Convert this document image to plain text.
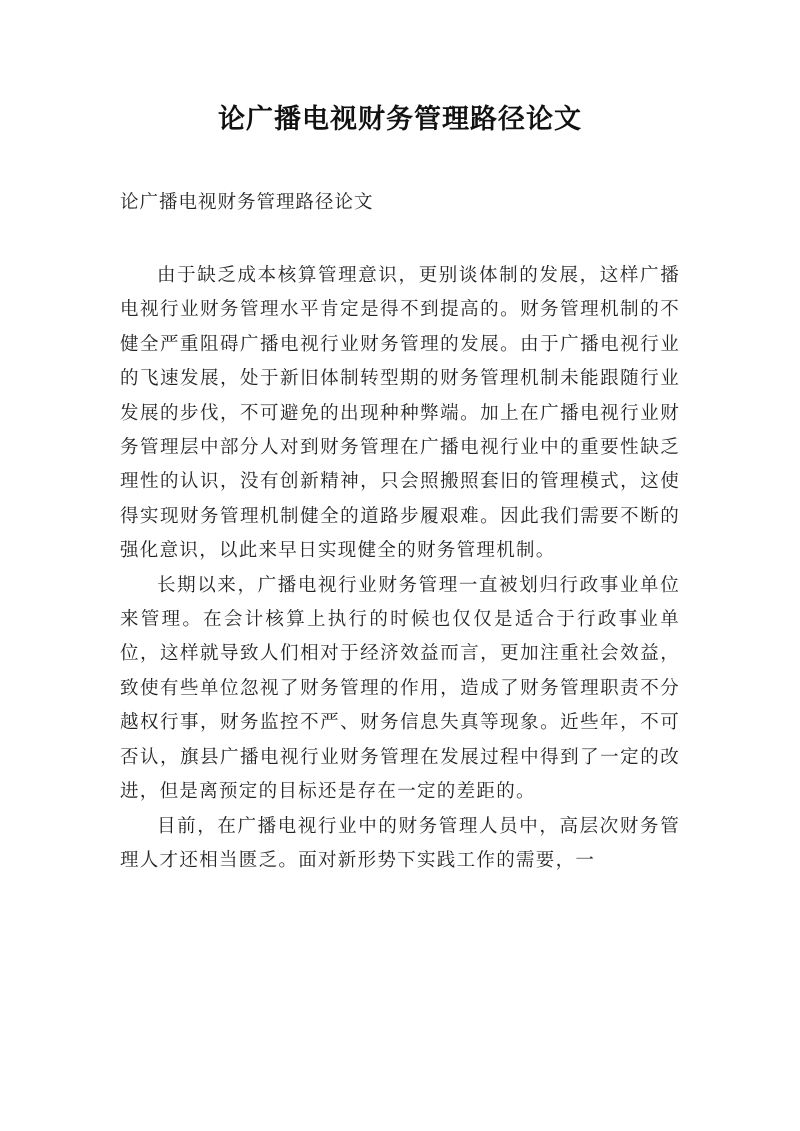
论广播电视财务管理路径论文
论广播电视财务管理路径论文

由于缺乏成本核算管理意识，更别谈体制的发展，这样广播电视行业财务管理水平肯定是得不到提高的。财务管理机制的不健全严重阻碍广播电视行业财务管理的发展。由于广播电视行业的飞速发展，处于新旧体制转型期的财务管理机制未能跟随行业发展的步伐，不可避免的出现种种弊端。加上在广播电视行业财务管理层中部分人对到财务管理在广播电视行业中的重要性缺乏理性的认识，没有创新精神，只会照搬照套旧的管理模式，这使得实现财务管理机制健全的道路步履艰难。因此我们需要不断的强化意识，以此来早日实现健全的财务管理机制。

长期以来，广播电视行业财务管理一直被划归行政事业单位来管理。在会计核算上执行的时候也仅仅是适合于行政事业单位，这样就导致人们相对于经济效益而言，更加注重社会效益，致使有些单位忽视了财务管理的作用，造成了财务管理职责不分越权行事，财务监控不严、财务信息失真等现象。近些年，不可否认，旗县广播电视行业财务管理在发展过程中得到了一定的改进，但是离预定的目标还是存在一定的差距的。

目前，在广播电视行业中的财务管理人员中，高层次财务管理人才还相当匮乏。面对新形势下实践工作的需要，一
